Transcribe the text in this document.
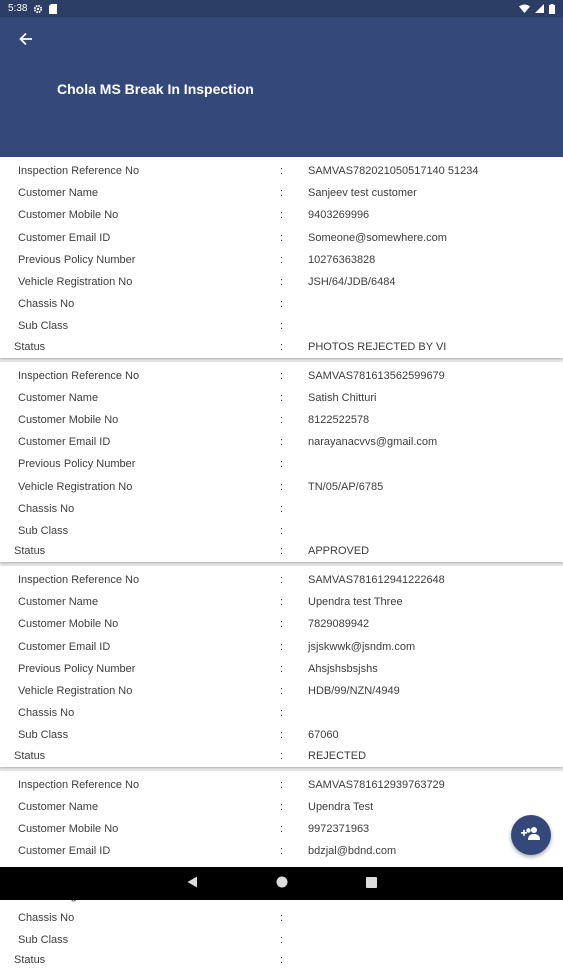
5:38
Chola MS Break In Inspection
Inspection Reference No	:	SAMVAS782021050517140 51234
Customer Name	:	Sanjeev test customer
Customer Mobile No	:	9403269996
Customer Email ID	:	Someone@somewhere.com
Previous Policy Number	:	10276363828
Vehicle Registration No	:	JSH/64/JDB/6484
Chassis No	:
Sub Class	:
Status	:	PHOTOS REJECTED BY VI
Inspection Reference No	:	SAMVAS781613562599679
Customer Name	:	Satish Chitturi
Customer Mobile No	:	8122522578
Customer Email ID	:	narayanacvvs@gmail.com
Previous Policy Number	:
Vehicle Registration No	:	TN/05/AP/6785
Chassis No	:
Sub Class	:
Status	:	APPROVED
Inspection Reference No	:	SAMVAS781612941222648
Customer Name	:	Upendra test Three
Customer Mobile No	:	7829089942
Customer Email ID	:	jsjskwwk@jsndm.com
Previous Policy Number	:	Ahsjshsbsjshs
Vehicle Registration No	:	HDB/99/NZN/4949
Chassis No	:
Sub Class	:	67060
Status	:	REJECTED
Inspection Reference No	:	SAMVAS781612939763729
Customer Name	:	Upendra Test
Customer Mobile No	:	9972371963
Customer Email ID	:	bdzjal@bdnd.com
Chassis No	:
Sub Class	:
Status	:
